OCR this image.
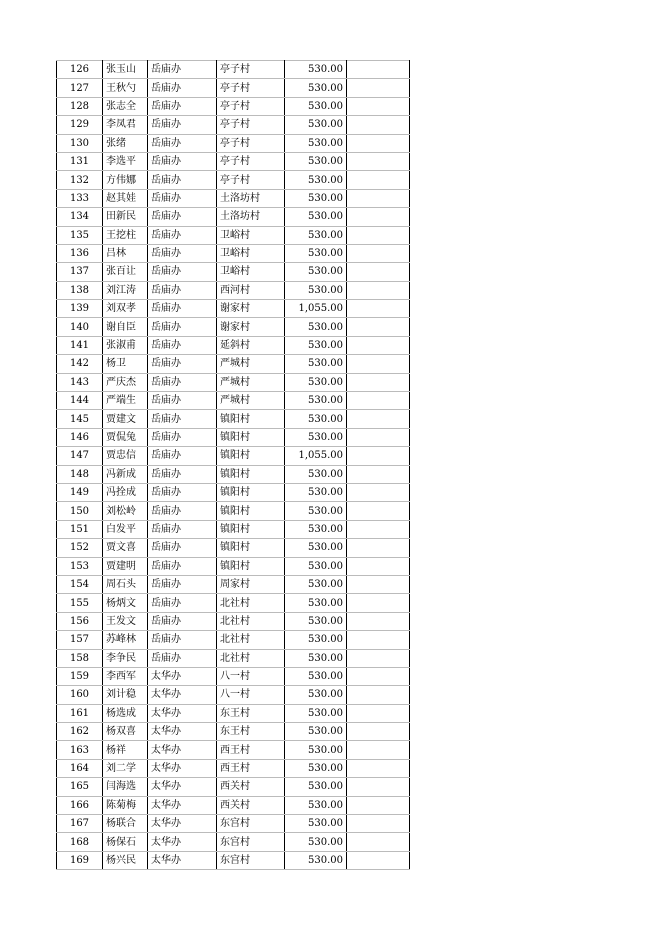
126	张玉山	岳庙办	亭子村	530.00	
127	王秋勺	岳庙办	亭子村	530.00	
128	张志全	岳庙办	亭子村	530.00	
129	李凤君	岳庙办	亭子村	530.00	
130	张绪	岳庙办	亭子村	530.00	
131	李选平	岳庙办	亭子村	530.00	
132	方伟娜	岳庙办	亭子村	530.00	
133	赵其娃	岳庙办	土洛坊村	530.00	
134	田新民	岳庙办	土洛坊村	530.00	
135	王挖柱	岳庙办	卫峪村	530.00	
136	吕林	岳庙办	卫峪村	530.00	
137	张百让	岳庙办	卫峪村	530.00	
138	刘江涛	岳庙办	西河村	530.00	
139	刘双孝	岳庙办	谢家村	1,055.00	
140	谢自臣	岳庙办	谢家村	530.00	
141	张淑甫	岳庙办	延斜村	530.00	
142	杨卫	岳庙办	严城村	530.00	
143	严庆杰	岳庙办	严城村	530.00	
144	严端生	岳庙办	严城村	530.00	
145	贾建文	岳庙办	镇阳村	530.00	
146	贾侃兔	岳庙办	镇阳村	530.00	
147	贾忠信	岳庙办	镇阳村	1,055.00	
148	冯新成	岳庙办	镇阳村	530.00	
149	冯拴成	岳庙办	镇阳村	530.00	
150	刘松岭	岳庙办	镇阳村	530.00	
151	白发平	岳庙办	镇阳村	530.00	
152	贾文喜	岳庙办	镇阳村	530.00	
153	贾建明	岳庙办	镇阳村	530.00	
154	周石头	岳庙办	周家村	530.00	
155	杨炳文	岳庙办	北社村	530.00	
156	王发文	岳庙办	北社村	530.00	
157	苏峰林	岳庙办	北社村	530.00	
158	李争民	岳庙办	北社村	530.00	
159	李西军	太华办	八一村	530.00	
160	刘计稳	太华办	八一村	530.00	
161	杨选成	太华办	东王村	530.00	
162	杨双喜	太华办	东王村	530.00	
163	杨祥	太华办	西王村	530.00	
164	刘二学	太华办	西王村	530.00	
165	闫海选	太华办	西关村	530.00	
166	陈菊梅	太华办	西关村	530.00	
167	杨联合	太华办	东宫村	530.00	
168	杨保石	太华办	东宫村	530.00	
169	杨兴民	太华办	东宫村	530.00	
